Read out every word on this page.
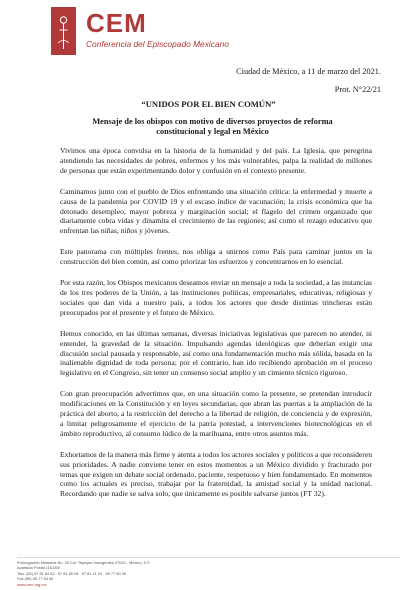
CEM
Conferencia del Episcopado Mexicano
Ciudad de México, a 11 de marzo del 2021.
Prot. N°22/21
“UNIDOS POR EL BIEN COMÚN”
Mensaje de los obispos con motivo de diversos proyectos de reforma constitucional y legal en México

Vivimos una época convulsa en la historia de la humanidad y del país. La Iglesia, que peregrina atendiendo las necesidades de pobres, enfermos y los más vulnerables, palpa la realidad de millones de personas que están experimentando dolor y confusión en el contexto presente.

Caminamos junto con el pueblo de Dios enfrentando una situación crítica: la enfermedad y muerte a causa de la pandemia por COVID 19 y el escaso índice de vacunación; la crisis económica que ha detonado desempleo, mayor pobreza y marginación social; el flagelo del crimen organizado que diariamente cobra vidas y dinamita el crecimiento de las regiones; así como el rezago educativo que enfrentan las niñas, niños y jóvenes.

Este panorama con múltiples frentes, nos obliga a unirnos como País para caminar juntos en la construcción del bien común, así como priorizar los esfuerzos y concentrarnos en lo esencial.

Por esta razón, los Obispos mexicanos deseamos enviar un mensaje a toda la sociedad, a las instancias de los tres poderes de la Unión, a las instituciones políticas, empresariales, educativas, religiosas y sociales que dan vida a nuestro país, a todos los actores que desde distintas trincheras están preocupados por el presente y el futuro de México.

Hemos conocido, en las últimas semanas, diversas iniciativas legislativas que parecen no atender, ni entender, la gravedad de la situación. Impulsando agendas ideológicas que deberían exigir una discusión social pausada y responsable, así como una fundamentación mucho más sólida, basada en la inalienable dignidad de toda persona; por el contrario, han ido recibiendo aprobación en el proceso legislativo en el Congreso, sin tener un consenso social amplio y un cimiento técnico riguroso.

Con gran preocupación advertimos que, en una situación como la presente, se pretendan introducir modificaciones en la Constitución y en leyes secundarias, que abran las puertas a la ampliación de la práctica del aborto, a la restricción del derecho a la libertad de religión, de conciencia y de expresión, a limitar peligrosamente el ejercicio de la patria potestad, a intervenciones biotecnológicas en el ámbito reproductivo, al consumo lúdico de la marihuana, entre otros asuntos más.

Exhortamos de la manera más firme y atenta a todos los actores sociales y políticos a que reconsideren sus prioridades. A nadie conviene tener en estos momentos a un México dividido y fracturado por temas que exigen un debate social ordenado, paciente, respetuoso y bien fundamentado. En momentos como los actuales es preciso, trabajar por la fraternidad, la amistad social y la unidad nacional. Recordando que nadie se salva solo, que únicamente es posible salvarse juntos (FT 32).

Prolongación Misterios No. 26 Col. Tepeyac Insurgentes 07020 - México, D.F.
Apartado Postal 118-055
Tels. (55) 57 81 84 62 . 57 81 80 08 . 57 81 41 01 . 55 77 80 39
Fax (55) 55-77 54 89
www.cem.org.mx
